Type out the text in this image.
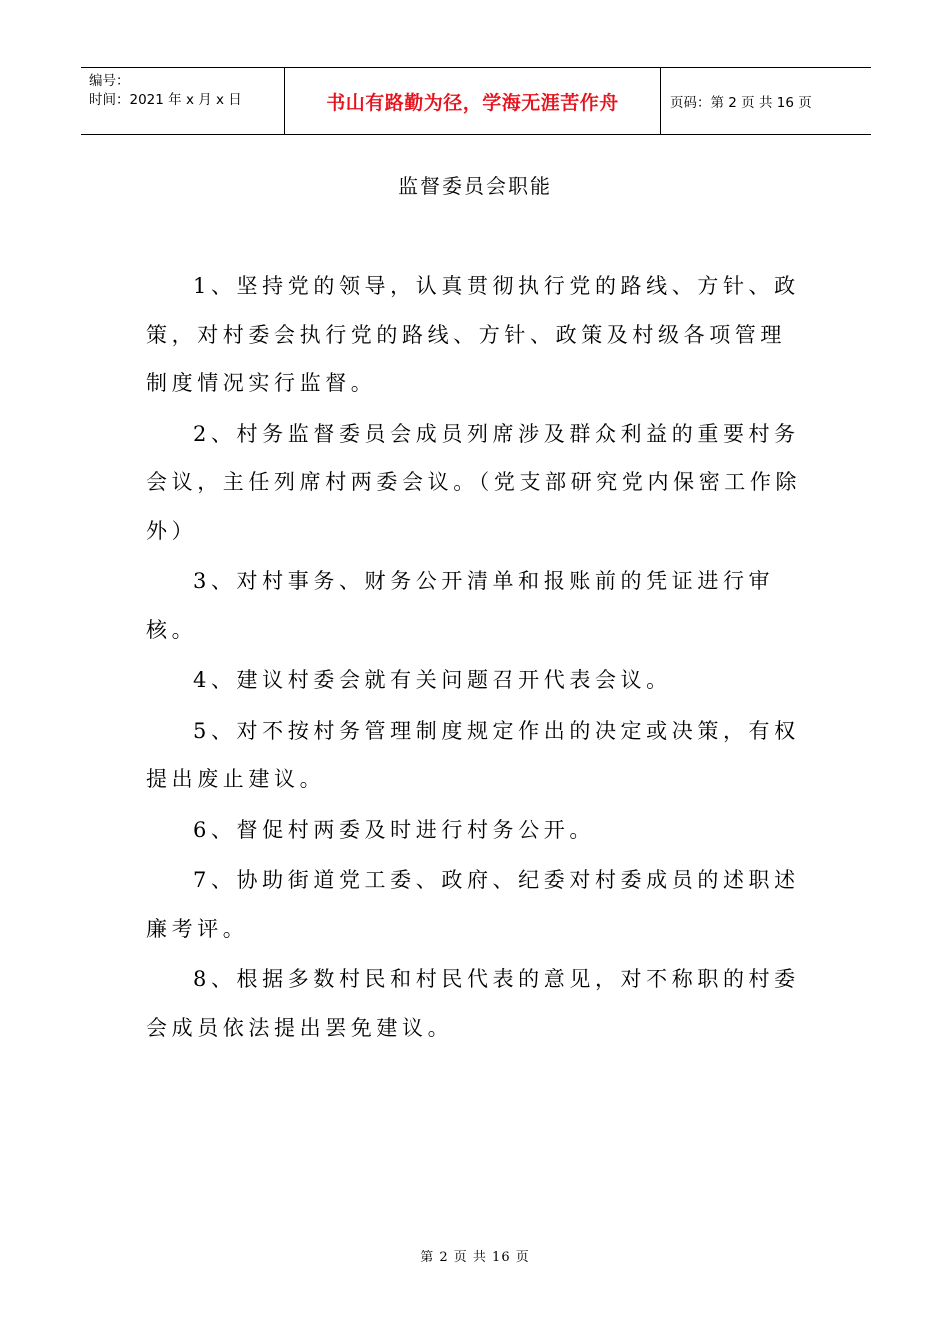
编号：
时间：2021 年 x 月 x 日	书山有路勤为径，学海无涯苦作舟	页码：第 2 页 共 16 页
监督委员会职能

1、坚持党的领导，认真贯彻执行党的路线、方针、政策，对村委会执行党的路线、方针、政策及村级各项管理制度情况实行监督。

2、村务监督委员会成员列席涉及群众利益的重要村务会议，主任列席村两委会议。（党支部研究党内保密工作除外）

3、对村事务、财务公开清单和报账前的凭证进行审核。

4、建议村委会就有关问题召开代表会议。

5、对不按村务管理制度规定作出的决定或决策，有权提出废止建议。

6、督促村两委及时进行村务公开。

7、协助街道党工委、政府、纪委对村委成员的述职述廉考评。

8、根据多数村民和村民代表的意见，对不称职的村委会成员依法提出罢免建议。

第 2 页 共 16 页
